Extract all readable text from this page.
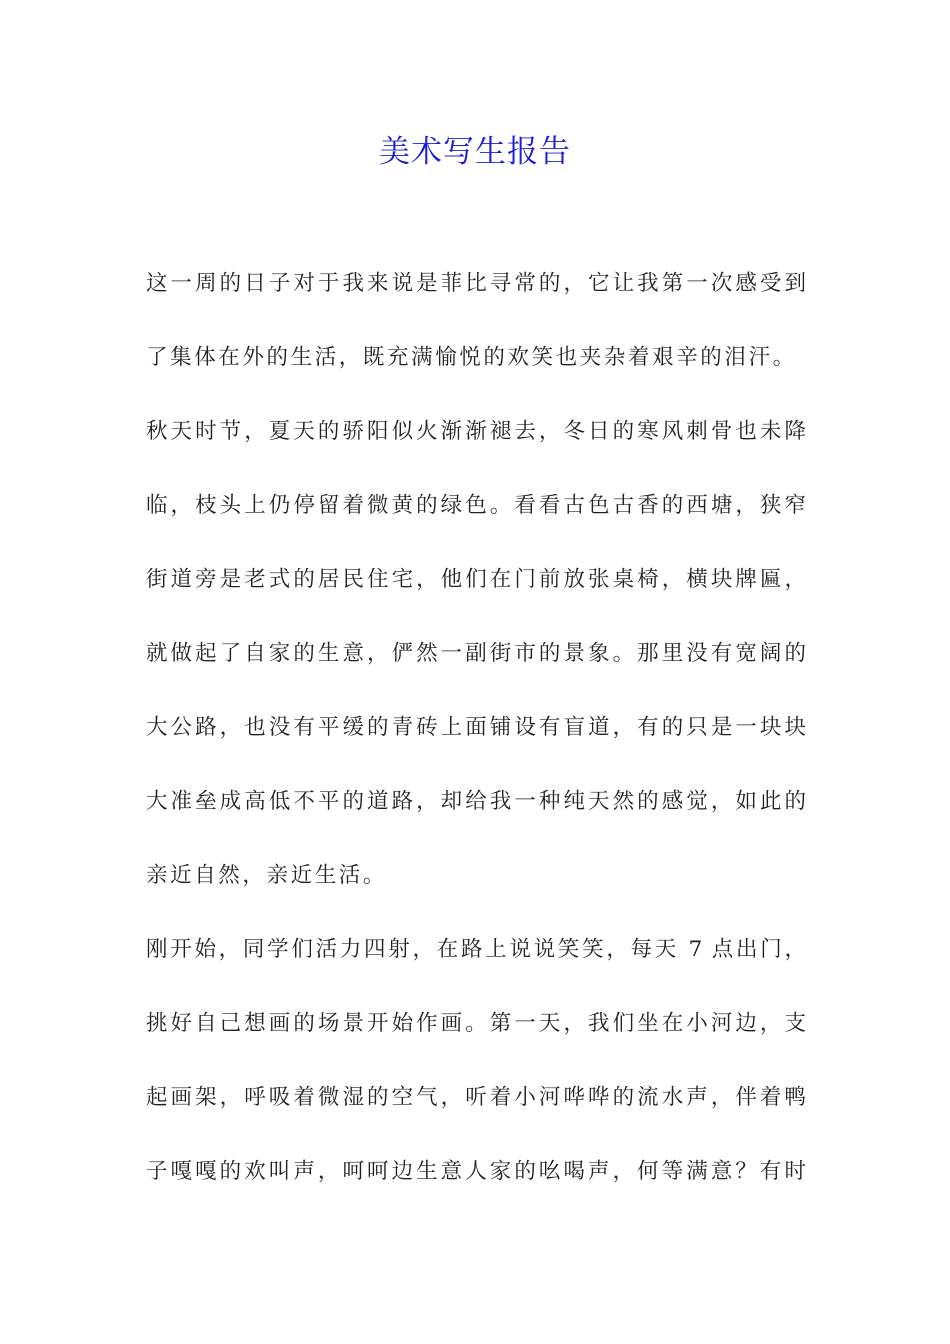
美术写生报告
这一周的日子对于我来说是菲比寻常的，它让我第一次感受到
了集体在外的生活，既充满愉悦的欢笑也夹杂着艰辛的泪汗。
秋天时节，夏天的骄阳似火渐渐褪去，冬日的寒风刺骨也未降
临，枝头上仍停留着微黄的绿色。看看古色古香的西塘，狭窄
街道旁是老式的居民住宅，他们在门前放张桌椅，横块牌匾，
就做起了自家的生意，俨然一副街市的景象。那里没有宽阔的
大公路，也没有平缓的青砖上面铺设有盲道，有的只是一块块
大准垒成高低不平的道路，却给我一种纯天然的感觉，如此的
亲近自然，亲近生活。
刚开始，同学们活力四射，在路上说说笑笑，每天 7 点出门，
挑好自己想画的场景开始作画。第一天，我们坐在小河边，支
起画架，呼吸着微湿的空气，听着小河哗哗的流水声，伴着鸭
子嘎嘎的欢叫声，呵呵边生意人家的吆喝声，何等满意？有时
